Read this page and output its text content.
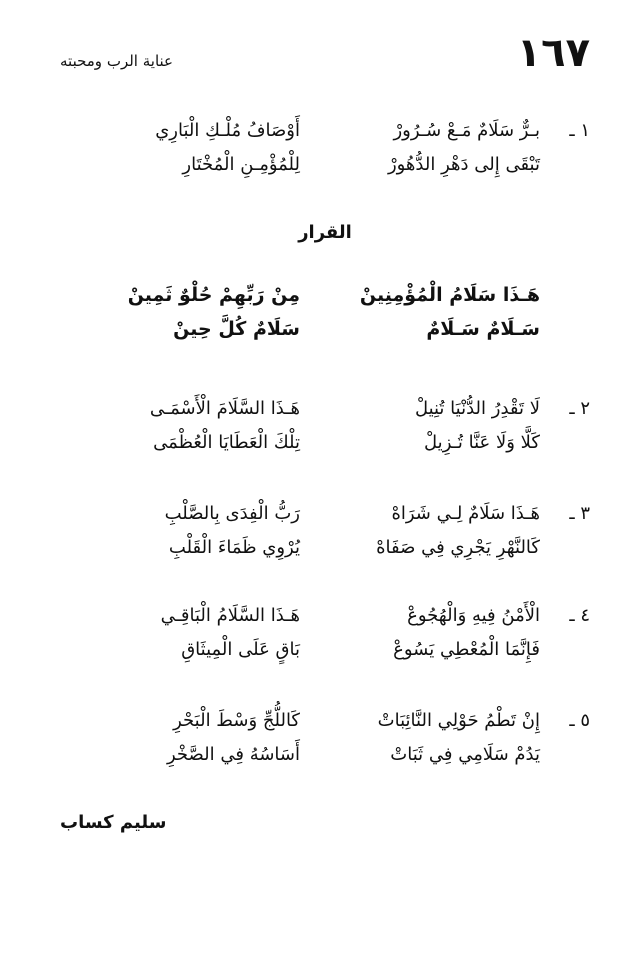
١٦٧
عناية الرب ومحبته
١ ـ
بـرٌّ سَلَامٌ مَـعْ سُـرُورْ
أَوْصَافُ مُلْـكِ الْبَارِي
تَبْقَى إِلى دَهْرِ الدُّهُورْ
لِلْمُؤْمِـنِ الْمُخْتَارِ
القرار
هَـذَا سَلَامُ الْمُؤْمِنِينْ
مِنْ رَبِّهِمْ حُلْوٌ ثَمِينْ
سَـلَامٌ سَـلَامٌ
سَلَامٌ كُلَّ حِينْ
٢ ـ
لَا تَقْدِرُ الدُّنْيَا تُنِيلْ
هَـذَا السَّلَامَ الْأَسْمَـى
كَلَّا وَلَا عَنَّا تُـزِيلْ
تِلْكَ الْعَطَايَا الْعُظْمَى
٣ ـ
هَـذَا سَلَامٌ لِـي شَرَاهْ
رَبُّ الْفِدَى بِالصَّلْبِ
كَالنَّهْرِ يَجْرِي فِي صَفَاهْ
يُرْوِي ظَمَاءَ الْقَلْبِ
٤ ـ
الْأَمْنُ فِيهِ وَالْهُجُوعْ
هَـذَا السَّلَامُ الْبَاقِـي
فَإِنَّمَا الْمُعْطِي يَسُوعْ
بَاقٍ عَلَى الْمِيثَاقِ
٥ ـ
إِنْ تَطْمُ حَوْلِي النَّائِبَاتْ
كَاللُّجِّ وَسْطَ الْبَحْرِ
يَدُمْ سَلَامِي فِي ثَبَاتْ
أَسَاسُهُ فِي الصَّخْرِ
سليم كساب
